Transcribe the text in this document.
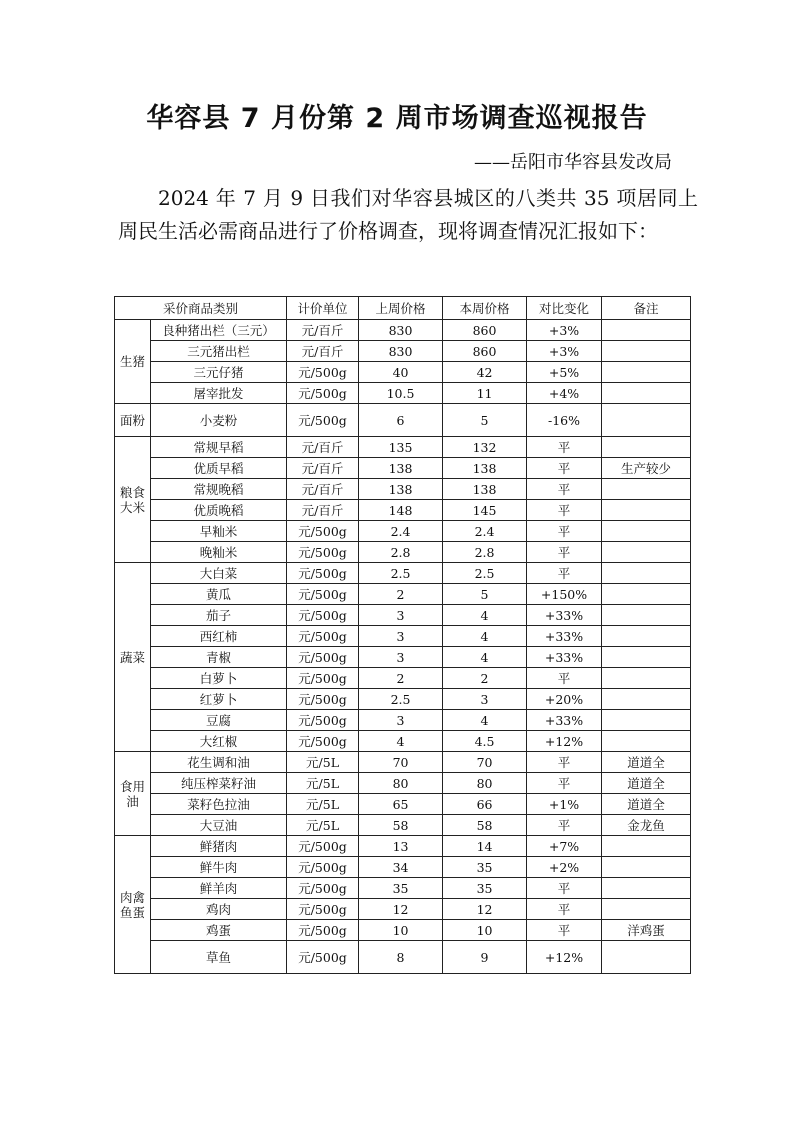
华容县 7 月份第 2 周市场调查巡视报告

——岳阳市华容县发改局

2024 年 7 月 9 日我们对华容县城区的八类共 35 项居同上周民生活必需商品进行了价格调查，现将调查情况汇报如下：

采价商品类别		计价单位	上周价格	本周价格	对比变化	备注
生猪	良种猪出栏（三元）	元/百斤	830	860	+3%	
	三元猪出栏	元/百斤	830	860	+3%	
	三元仔猪	元/500g	40	42	+5%	
	屠宰批发	元/500g	10.5	11	+4%	
面粉	小麦粉	元/500g	6	5	-16%	
粮食大米	常规早稻	元/百斤	135	132	平	
	优质早稻	元/百斤	138	138	平	生产较少
	常规晚稻	元/百斤	138	138	平	
	优质晚稻	元/百斤	148	145	平	
	早籼米	元/500g	2.4	2.4	平	
	晚籼米	元/500g	2.8	2.8	平	
蔬菜	大白菜	元/500g	2.5	2.5	平	
	黄瓜	元/500g	2	5	+150%	
	茄子	元/500g	3	4	+33%	
	西红柿	元/500g	3	4	+33%	
	青椒	元/500g	3	4	+33%	
	白萝卜	元/500g	2	2	平	
	红萝卜	元/500g	2.5	3	+20%	
	豆腐	元/500g	3	4	+33%	
	大红椒	元/500g	4	4.5	+12%	
食用油	花生调和油	元/5L	70	70	平	道道全
	纯压榨菜籽油	元/5L	80	80	平	道道全
	菜籽色拉油	元/5L	65	66	+1%	道道全
	大豆油	元/5L	58	58	平	金龙鱼
肉禽鱼蛋	鲜猪肉	元/500g	13	14	+7%	
	鲜牛肉	元/500g	34	35	+2%	
	鲜羊肉	元/500g	35	35	平	
	鸡肉	元/500g	12	12	平	
	鸡蛋	元/500g	10	10	平	洋鸡蛋
	草鱼	元/500g	8	9	+12%	
